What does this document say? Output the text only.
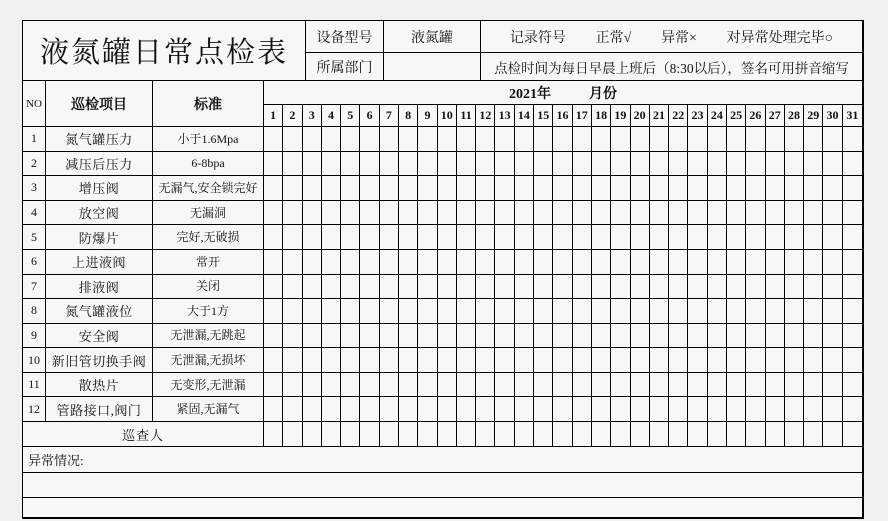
液氮罐日常点检表	设备型号	液氮罐
所属部门
记录符号 正常√ 异常× 对异常处理完毕○
点检时间为每日早晨上班后（8:30以后），签名可用拼音缩写
NO	巡检项目	标准
2021年	月份
1	2	3	4	5	6	7	8	9 10 11 12 13 14 15 16 17 18 19 20 21 22 23 24 25 26 27 28 29 30 31
1	氮气罐压力	小于1.6Mpa
2	减压后压力	6-8bpa
3	增压阀	无漏气,安全锁完好
4	放空阀	无漏洞
5	防爆片	完好,无破损
6	上进液阀	常开
7	排液阀	关闭
8	氮气罐液位	大于1方
9	安全阀	无泄漏,无跳起
10 新旧管切换手阀	无泄漏,无损坏
11	散热片	无变形,无泄漏
12	管路接口,阀门	紧固,无漏气
巡查人
异常情况:
